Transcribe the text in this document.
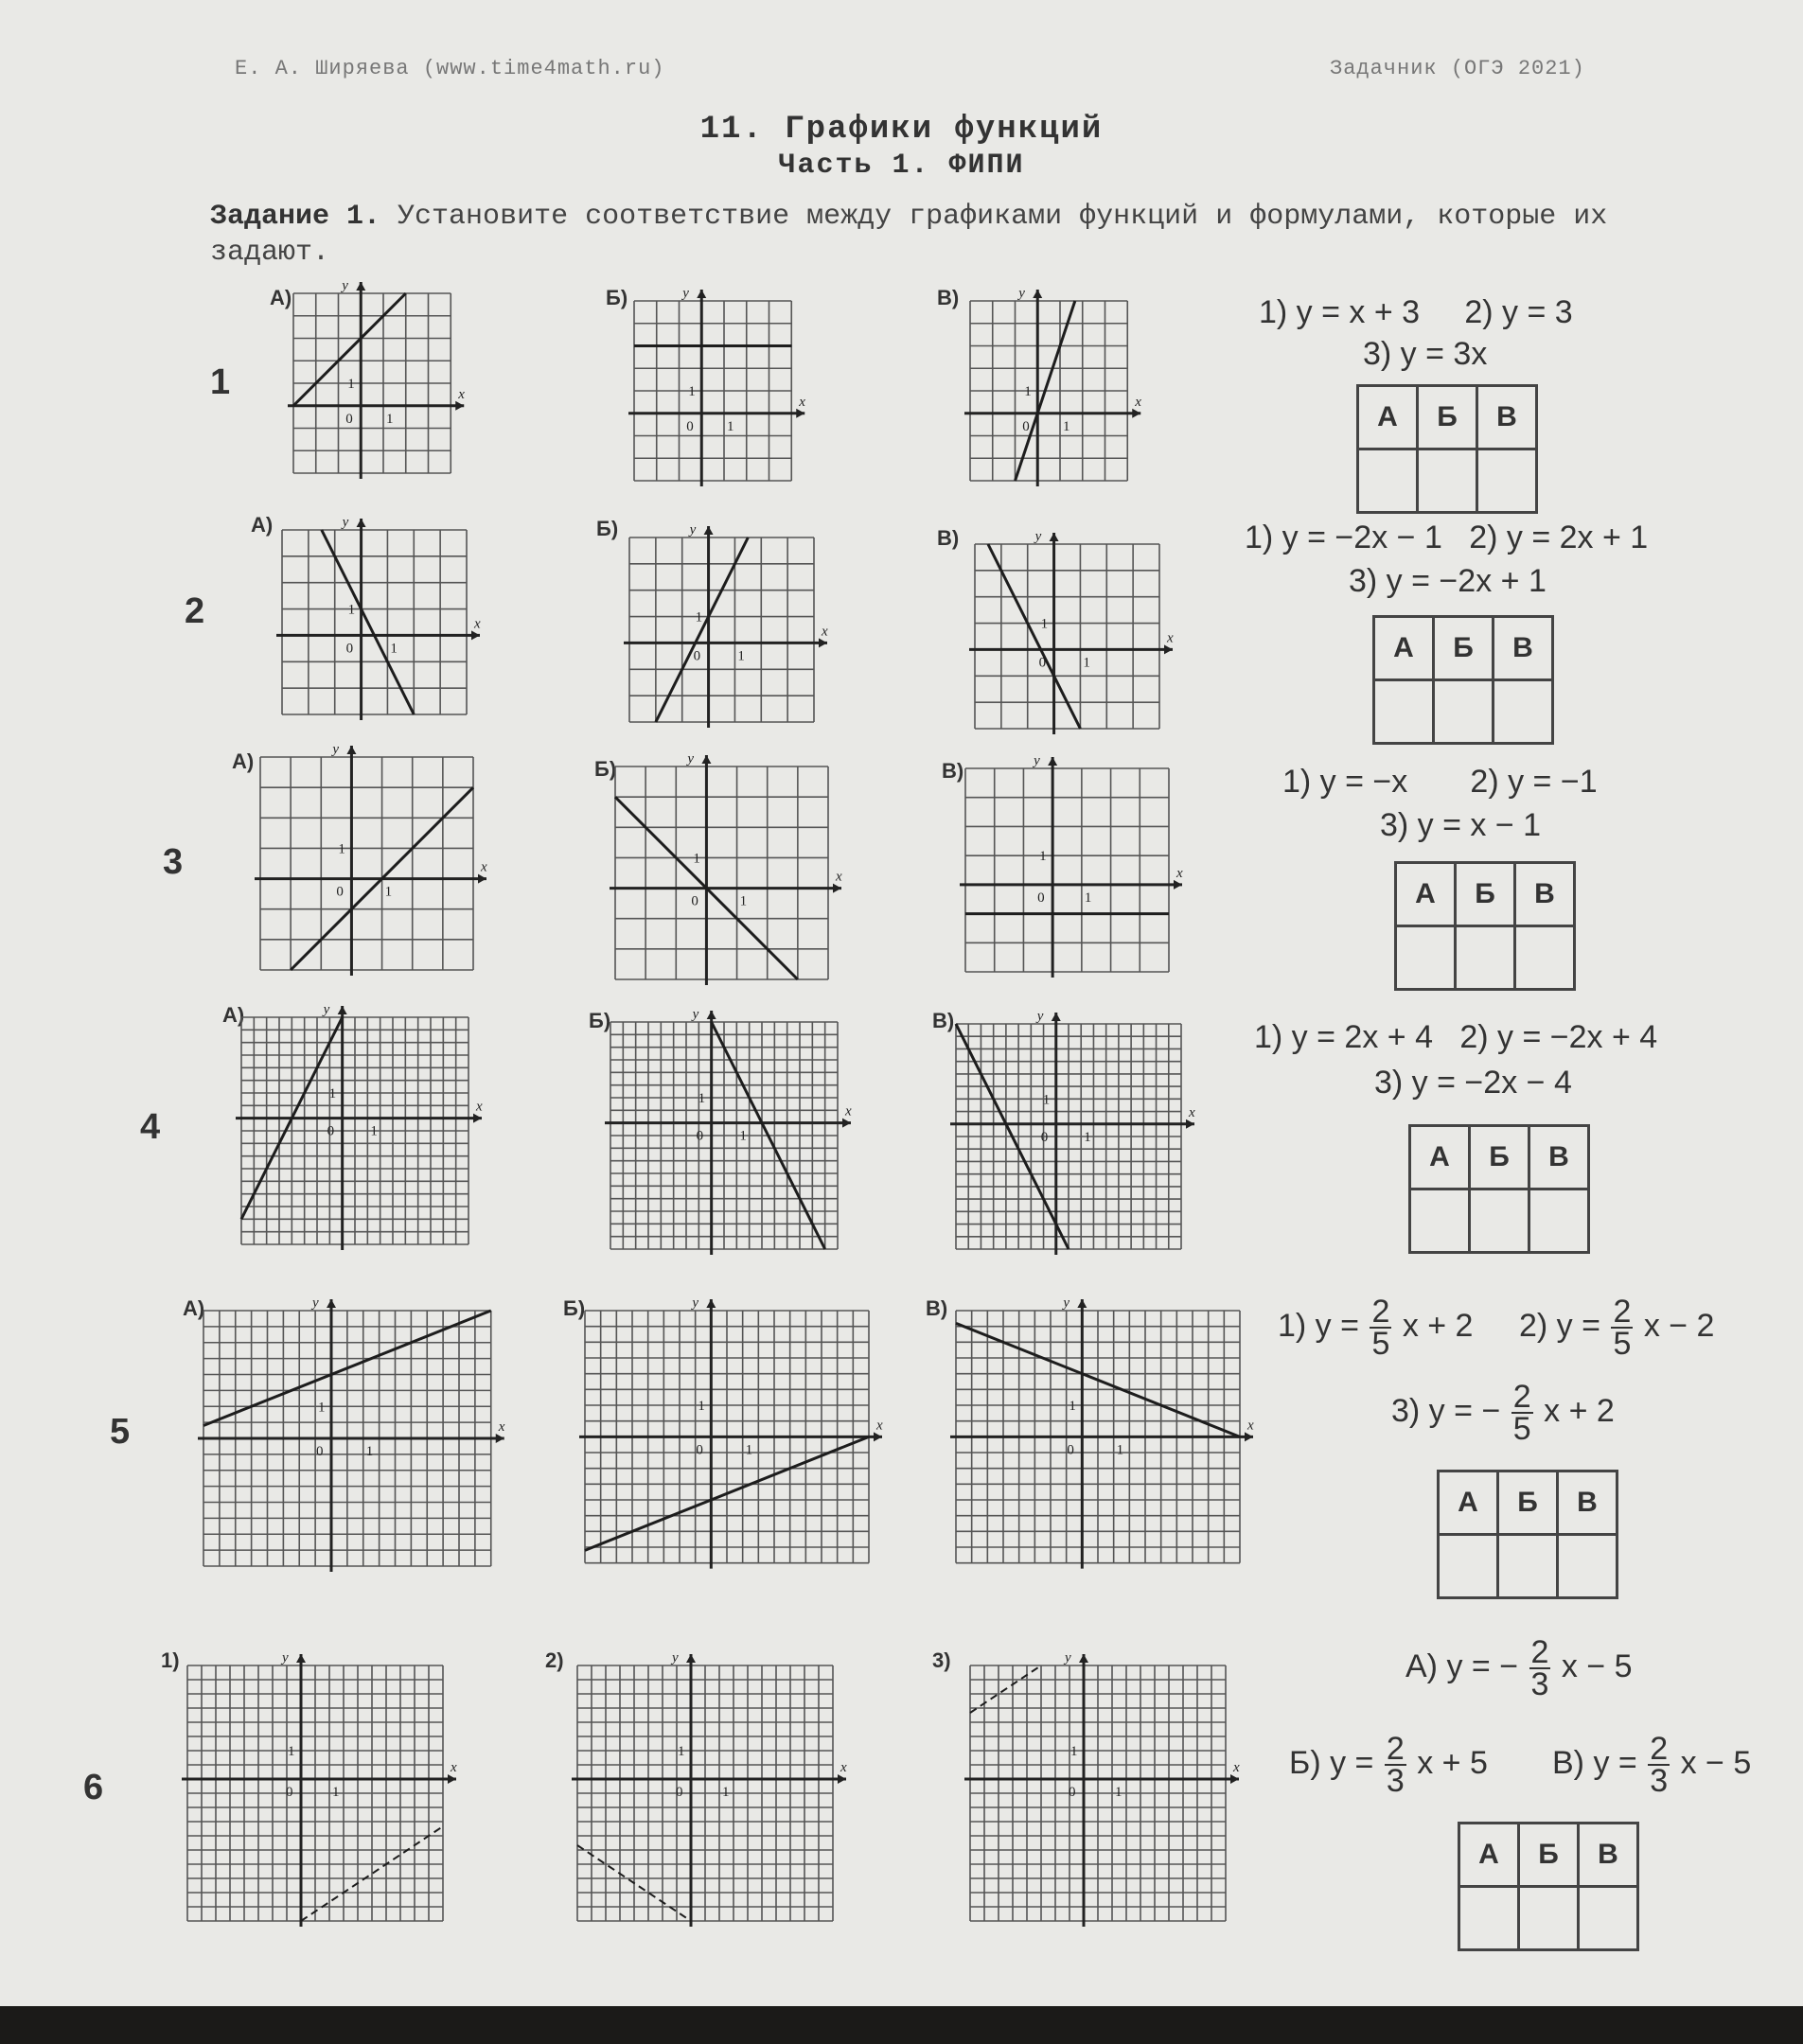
Е. А. Ширяева (www.time4math.ru)	Задачник (ОГЭ 2021)
11. Графики функций
Часть 1. ФИПИ
Задание 1. Установите соответствие между графиками функций и формулами, которые их задают.
1
А)	Б)	В)
x
y
0 1
1
x
y
0 1
1
x
y
0 1
1
1) y = x + 3 2) y = 3
3) y = 3x
А	Б	В

2
А)	Б)	В)
x
y
0	1
1
x
y
0	1
1
x
y
0	1
1
1) y = −2x − 1 2) y = 2x + 1
3) y = −2x + 1
А	Б	В

3
А)	Б)	В)
x
y
0	1
1
x
y
0	1
1
x
y
0	1
1
1) y = −x 2) y = −1
3) y = x − 1
А	Б	В

4
А)	Б)	В)
x
y
0	1
1
x
y
0	1
1
x
y
0	1
1
1) y = 2x + 4 2) y = −2x + 4
3) y = −2x − 4
А	Б	В

5
А)	Б)	В)
x
y
0	1
1
x
y
0	1
1
x
y
0	1
1
1) $y = \frac{2}{5}$ x + 2 2) $y = \frac{2}{5}$ x − 2
3) y = − $\frac{2}{5}$ x + 2
А	Б	В

6
1)	2)	3)
x
y
0	1
1
x
y
0	1
1
x
y
0	1
1
А) y = − $\frac{2}{3}$ x − 5
Б) $y = \frac{2}{3}$ x + 5 В) $y = \frac{2}{3}$ x − 5
А	Б	В
